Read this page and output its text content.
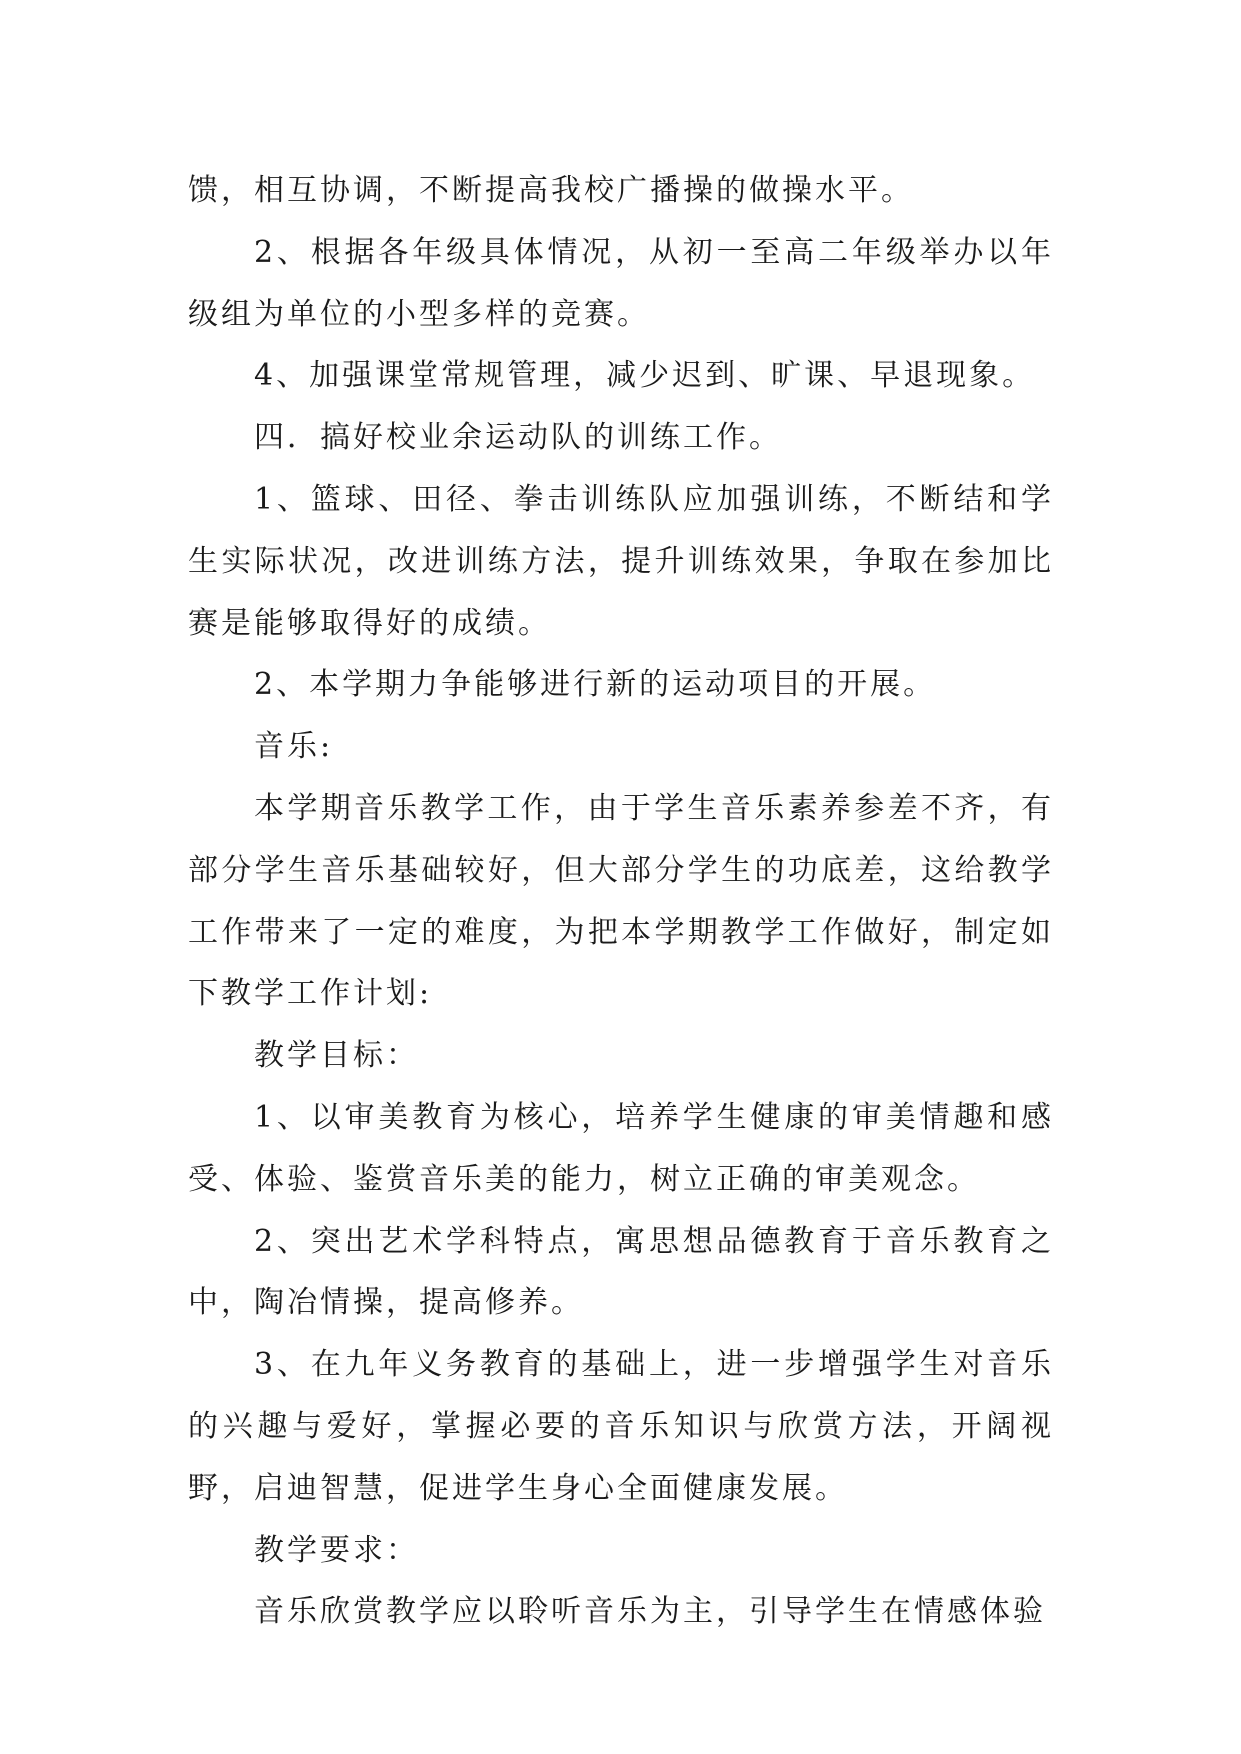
馈，相互协调，不断提高我校广播操的做操水平。

2、根据各年级具体情况，从初一至高二年级举办以年级组为单位的小型多样的竞赛。

4、加强课堂常规管理，减少迟到、旷课、早退现象。

四．搞好校业余运动队的训练工作。

1、篮球、田径、拳击训练队应加强训练，不断结和学生实际状况，改进训练方法，提升训练效果，争取在参加比赛是能够取得好的成绩。

2、本学期力争能够进行新的运动项目的开展。

音乐:

本学期音乐教学工作，由于学生音乐素养参差不齐，有部分学生音乐基础较好，但大部分学生的功底差，这给教学工作带来了一定的难度，为把本学期教学工作做好，制定如下教学工作计划:

教学目标：

1、以审美教育为核心，培养学生健康的审美情趣和感受、体验、鉴赏音乐美的能力，树立正确的审美观念。

2、突出艺术学科特点，寓思想品德教育于音乐教育之中，陶冶情操，提高修养。

3、在九年义务教育的基础上，进一步增强学生对音乐的兴趣与爱好，掌握必要的音乐知识与欣赏方法，开阔视野，启迪智慧，促进学生身心全面健康发展。

教学要求：

音乐欣赏教学应以聆听音乐为主，引导学生在情感体验
